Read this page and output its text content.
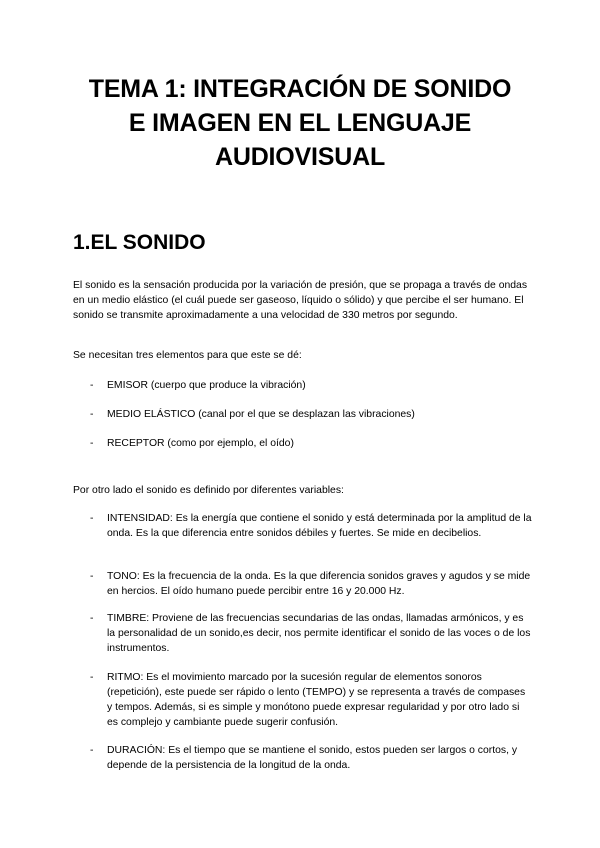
TEMA 1: INTEGRACIÓN DE SONIDO
E IMAGEN EN EL LENGUAJE
AUDIOVISUAL
1.EL SONIDO

El sonido es la sensación producida por la variación de presión, que se propaga a través de ondas en un medio elástico (el cuál puede ser gaseoso, líquido o sólido) y que percibe el ser humano. El sonido se transmite aproximadamente a una velocidad de 330 metros por segundo.

Se necesitan tres elementos para que este se dé:

- EMISOR (cuerpo que produce la vibración)
- MEDIO ELÁSTICO (canal por el que se desplazan las vibraciones)
- RECEPTOR (como por ejemplo, el oído)

Por otro lado el sonido es definido por diferentes variables:

- INTENSIDAD: Es la energía que contiene el sonido y está determinada por la amplitud de la onda. Es la que diferencia entre sonidos débiles y fuertes. Se mide en decibelios.
- TONO: Es la frecuencia de la onda. Es la que diferencia sonidos graves y agudos y se mide en hercios. El oído humano puede percibir entre 16 y 20.000 Hz.
- TIMBRE: Proviene de las frecuencias secundarias de las ondas, llamadas armónicos, y es la personalidad de un sonido,es decir, nos permite identificar el sonido de las voces o de los instrumentos.
- RITMO: Es el movimiento marcado por la sucesión regular de elementos sonoros (repetición), este puede ser rápido o lento (TEMPO) y se representa a través de compases y tempos. Además, si es simple y monótono puede expresar regularidad y por otro lado si es complejo y cambiante puede sugerir confusión.
- DURACIÓN: Es el tiempo que se mantiene el sonido, estos pueden ser largos o cortos, y depende de la persistencia de la longitud de la onda.
